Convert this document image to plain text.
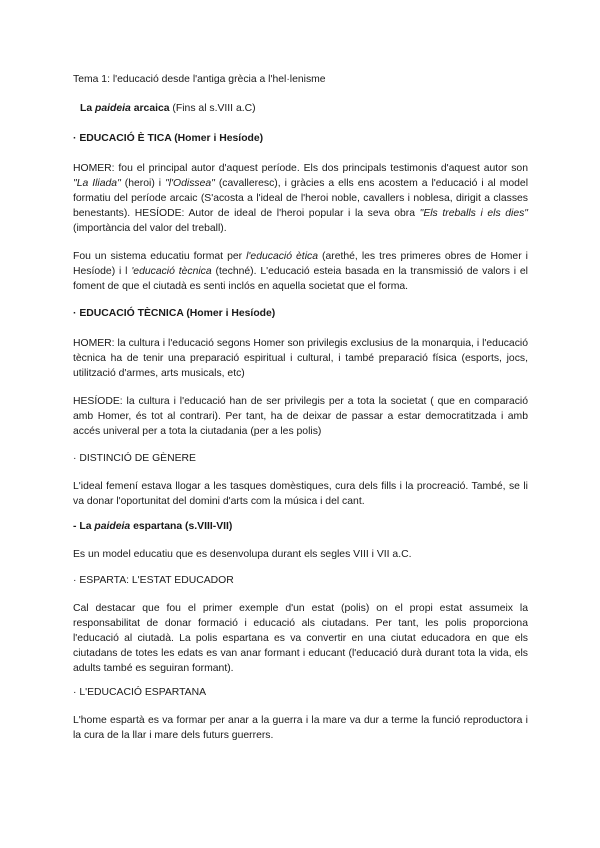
Tema 1: l'educació desde l'antiga grècia a l'hel·lenisme

La paideia arcaica (Fins al s.VIII a.C)

· EDUCACIÓ È TICA (Homer i Hesíode)

HOMER: fou el principal autor d'aquest període. Els dos principals testimonis d'aquest autor son "La Iliada" (heroi) i "l'Odissea" (cavalleresc), i gràcies a ells ens acostem a l'educació i al model formatiu del període arcaic (S'acosta a l'ideal de l'heroi noble, cavallers i noblesa, dirigit a classes benestants). HESÍODE: Autor de ideal de l'heroi popular i la seva obra "Els treballs i els dies" (importància del valor del treball).

Fou un sistema educatiu format per l'educació ètica (arethé, les tres primeres obres de Homer i Hesíode) i l 'educació tècnica (techné). L'educació esteia basada en la transmissió de valors i el foment de que el ciutadà es senti inclós en aquella societat que el forma.

· EDUCACIÓ TÈCNICA (Homer i Hesíode)

HOMER: la cultura i l'educació segons Homer son privilegis exclusius de la monarquia, i l'educació tècnica ha de tenir una preparació espiritual i cultural, i també preparació física (esports, jocs, utilització d'armes, arts musicals, etc)

HESÍODE: la cultura i l'educació han de ser privilegis per a tota la societat ( que en comparació amb Homer, és tot al contrari). Per tant, ha de deixar de passar a estar democratitzada i amb accés univeral per a tota la ciutadania (per a les polis)

· DISTINCIÓ DE GÈNERE

L'ideal femení estava llogar a les tasques domèstiques, cura dels fills i la procreació. També, se li va donar l'oportunitat del domini d'arts com la música i del cant.

- La paideia espartana (s.VIII-VII)

Es un model educatiu que es desenvolupa durant els segles VIII i VII a.C.

· ESPARTA: L'ESTAT EDUCADOR

Cal destacar que fou el primer exemple d'un estat (polis) on el propi estat assumeix la responsabilitat de donar formació i educació als ciutadans. Per tant, les polis proporciona l'educació al ciutadà. La polis espartana es va convertir en una ciutat educadora en que els ciutadans de totes les edats es van anar formant i educant (l'educació durà durant tota la vida, els adults també es seguiran formant).

· L'EDUCACIÓ ESPARTANA

L'home espartà es va formar per anar a la guerra i la mare va dur a terme la funció reproductora i la cura de la llar i mare dels futurs guerrers.
